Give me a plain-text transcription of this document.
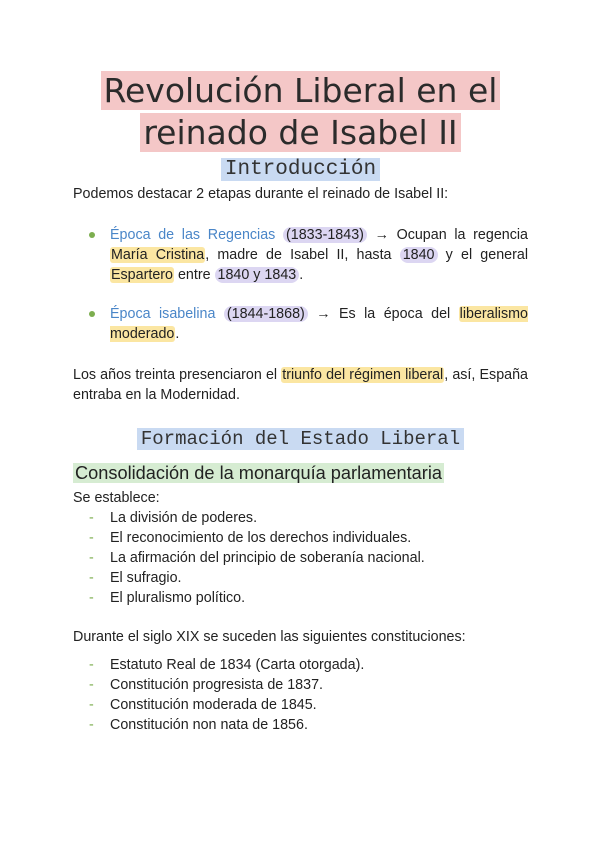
Revolución Liberal en el
reinado de Isabel II
Introducción
Podemos destacar 2 etapas durante el reinado de Isabel II:
Época de las Regencias (1833-1843) → Ocupan la regencia María Cristina, madre de Isabel II, hasta 1840 y el general Espartero entre 1840 y 1843 .
Época isabelina (1844-1868) → Es la época del liberalismo moderado.
Los años treinta presenciaron el triunfo del régimen liberal, así, España entraba en la Modernidad.
Formación del Estado Liberal
Consolidación de la monarquía parlamentaria
Se establece:
- La división de poderes.
- El reconocimiento de los derechos individuales.
- La afirmación del principio de soberanía nacional.
- El sufragio.
- El pluralismo político.
Durante el siglo XIX se suceden las siguientes constituciones:
- Estatuto Real de 1834 (Carta otorgada).
- Constitución progresista de 1837.
- Constitución moderada de 1845.
- Constitución non nata de 1856.
